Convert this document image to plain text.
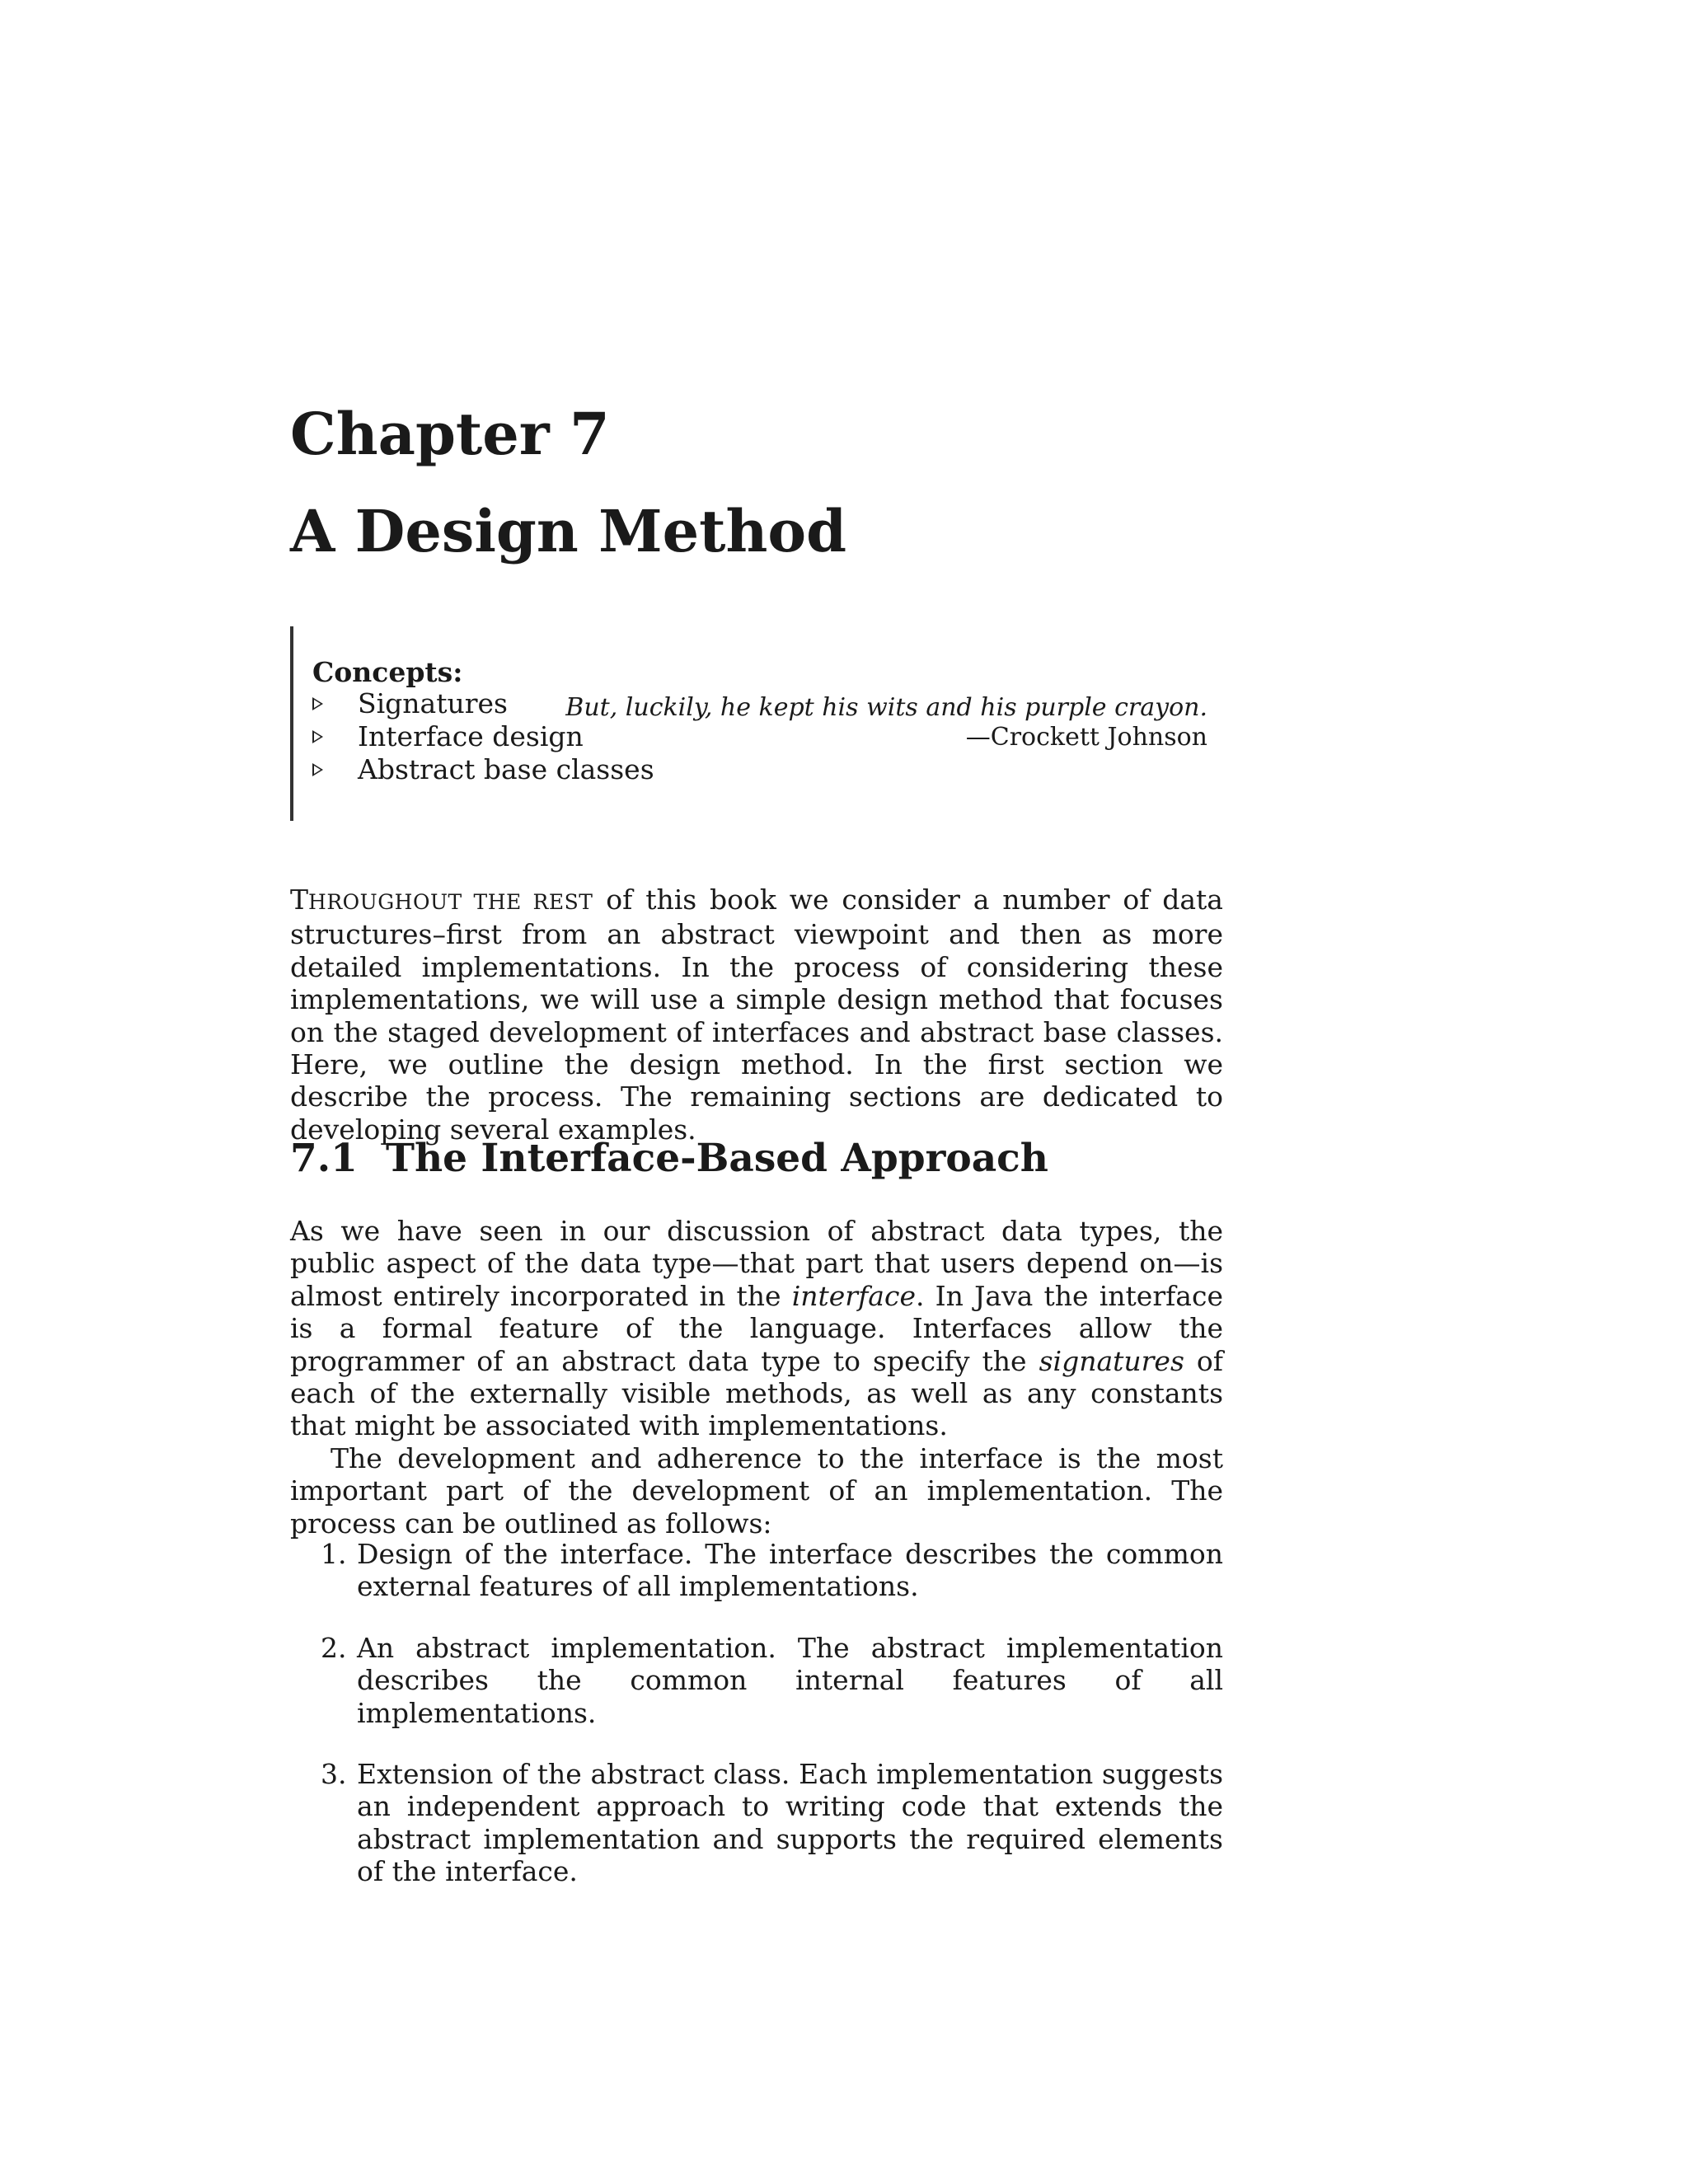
Chapter 7
A Design Method
Concepts:
Signatures
Interface design
Abstract base classes
But, luckily, he kept his wits and his purple crayon.
—Crockett Johnson

THROUGHOUT THE REST of this book we consider a number of data structures–first from an abstract viewpoint and then as more detailed implementations. In the process of considering these implementations, we will use a simple design method that focuses on the staged development of interfaces and abstract base classes. Here, we outline the design method. In the first section we describe the process. The remaining sections are dedicated to developing several examples.

7.1 The Interface-Based Approach

As we have seen in our discussion of abstract data types, the public aspect of the data type—that part that users depend on—is almost entirely incorporated in the interface. In Java the interface is a formal feature of the language. Interfaces allow the programmer of an abstract data type to specify the signatures of each of the externally visible methods, as well as any constants that might be associated with implementations.

The development and adherence to the interface is the most important part of the development of an implementation. The process can be outlined as follows:

1. Design of the interface. The interface describes the common external features of all implementations.
2. An abstract implementation. The abstract implementation describes the common internal features of all implementations.
3. Extension of the abstract class. Each implementation suggests an independent approach to writing code that extends the abstract implementation and supports the required elements of the interface.
